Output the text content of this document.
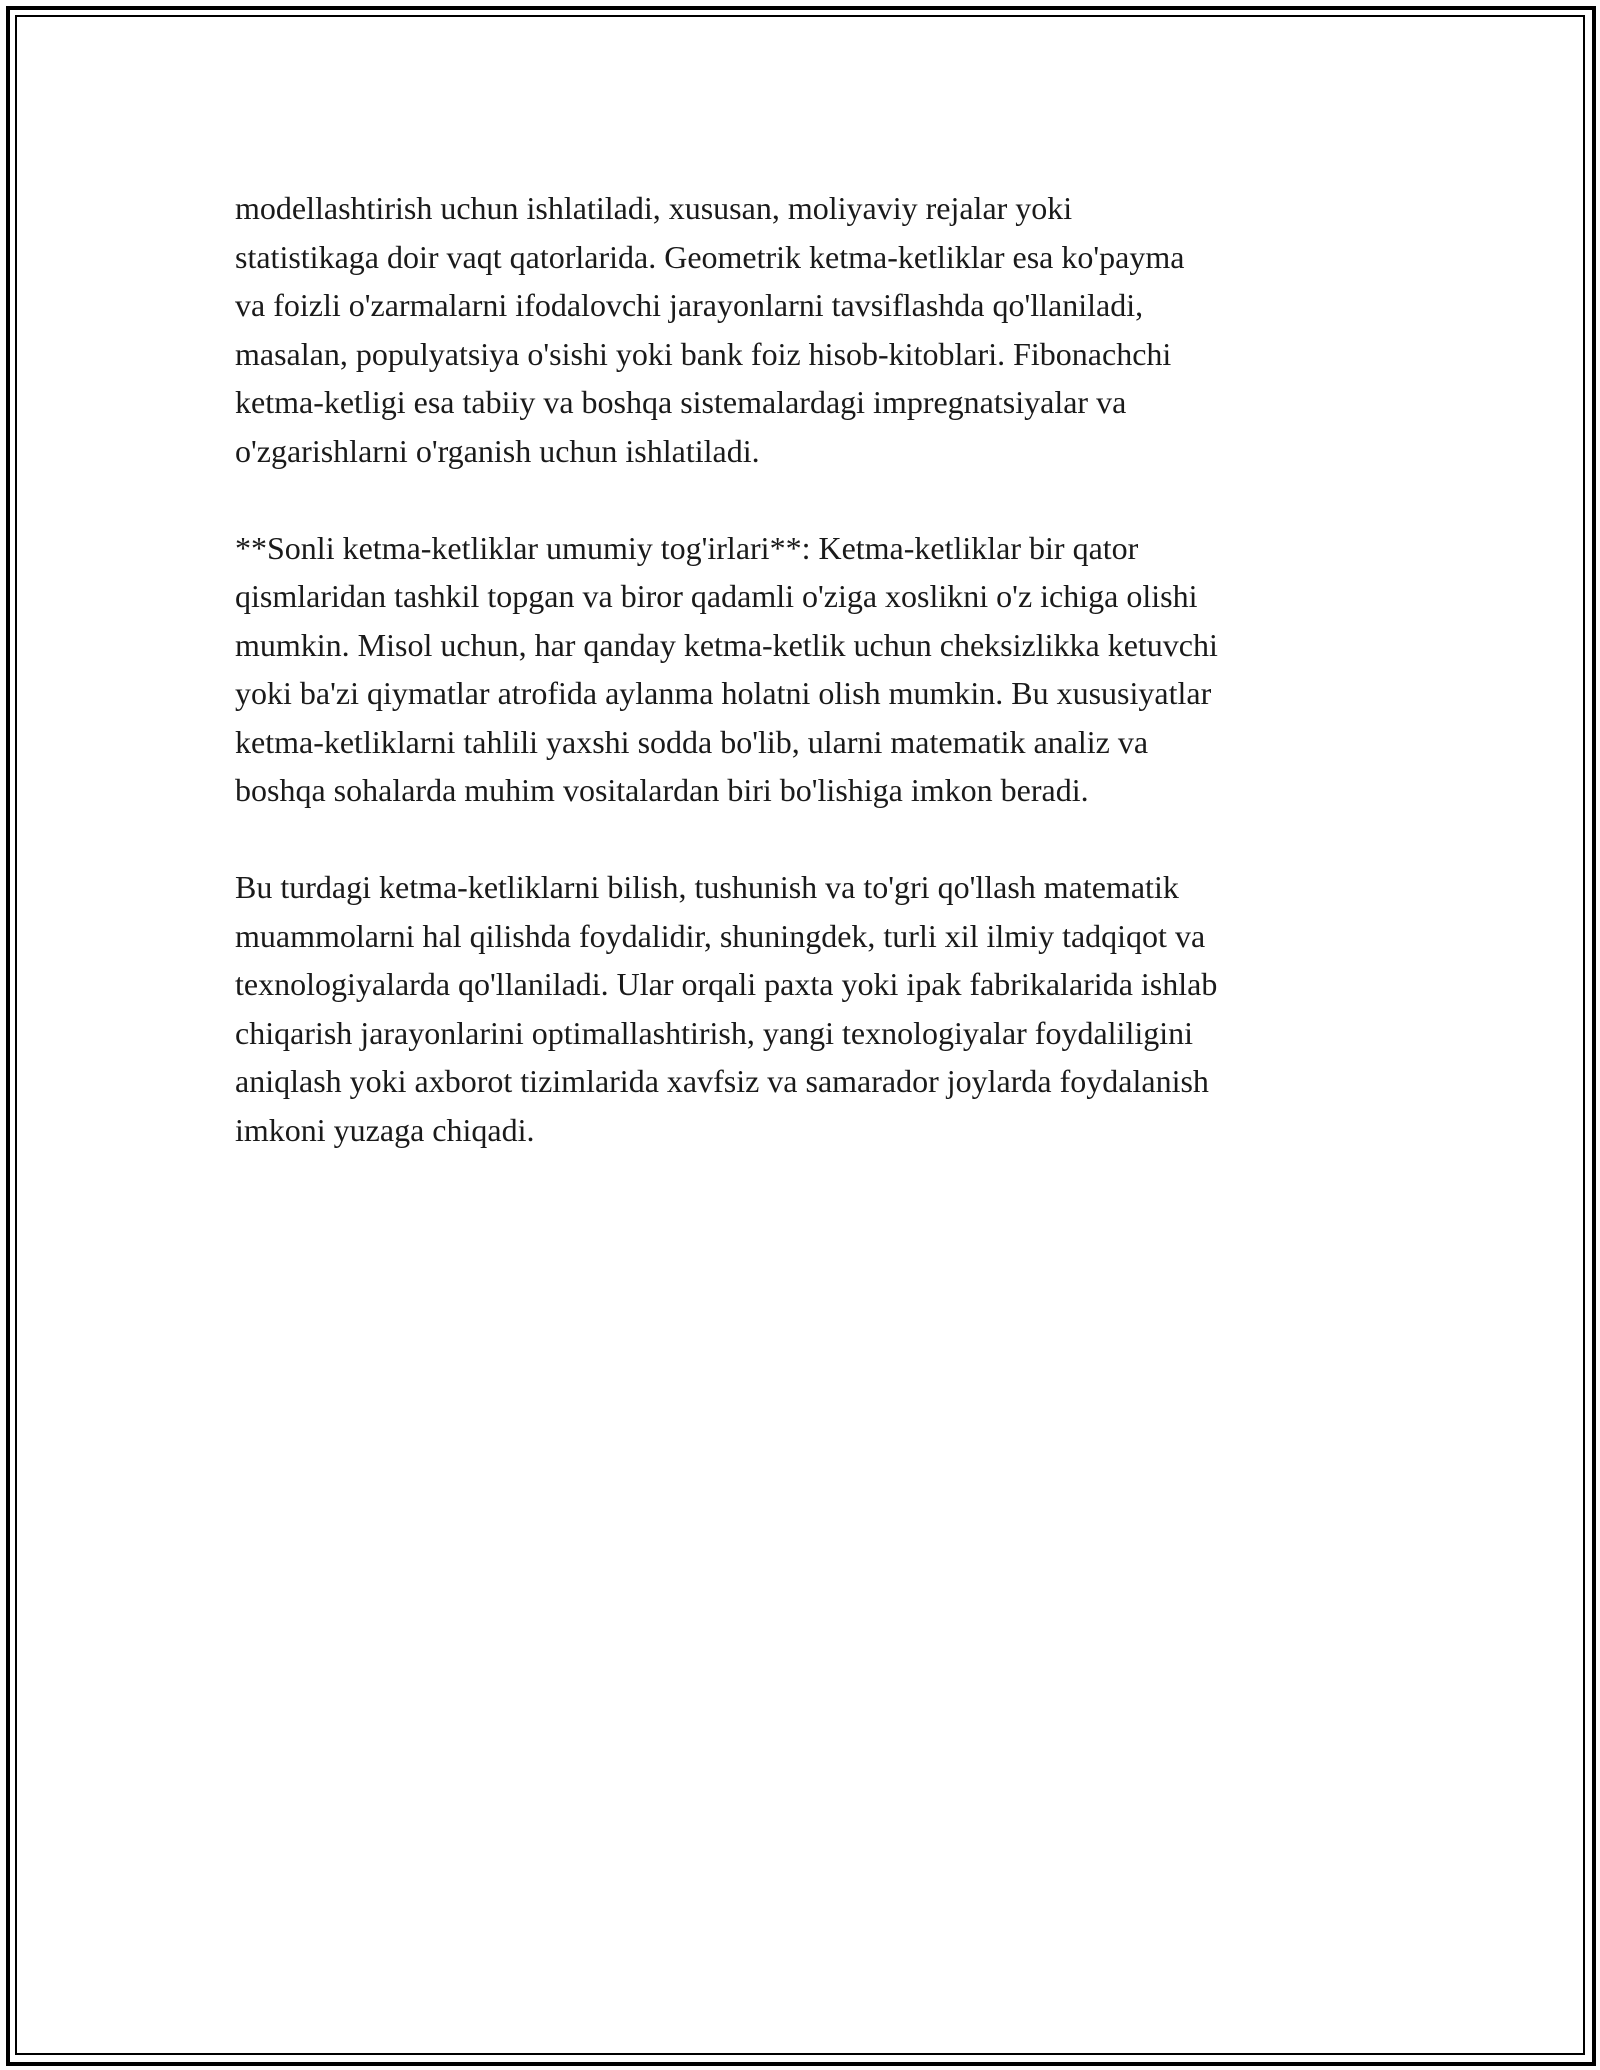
modellashtirish uchun ishlatiladi, xususan, moliyaviy rejalar yoki
statistikaga doir vaqt qatorlarida. Geometrik ketma-ketliklar esa ko'payma
va foizli o'zarmalarni ifodalovchi jarayonlarni tavsiflashda qo'llaniladi,
masalan, populyatsiya o'sishi yoki bank foiz hisob-kitoblari. Fibonachchi
ketma-ketligi esa tabiiy va boshqa sistemalardagi impregnatsiyalar va
o'zgarishlarni o'rganish uchun ishlatiladi.

**Sonli ketma-ketliklar umumiy tog'irlari**: Ketma-ketliklar bir qator
qismlaridan tashkil topgan va biror qadamli o'ziga xoslikni o'z ichiga olishi
mumkin. Misol uchun, har qanday ketma-ketlik uchun cheksizlikka ketuvchi
yoki ba'zi qiymatlar atrofida aylanma holatni olish mumkin. Bu xususiyatlar
ketma-ketliklarni tahlili yaxshi sodda bo'lib, ularni matematik analiz va
boshqa sohalarda muhim vositalardan biri bo'lishiga imkon beradi.

Bu turdagi ketma-ketliklarni bilish, tushunish va to'gri qo'llash matematik
muammolarni hal qilishda foydalidir, shuningdek, turli xil ilmiy tadqiqot va
texnologiyalarda qo'llaniladi. Ular orqali paxta yoki ipak fabrikalarida ishlab
chiqarish jarayonlarini optimallashtirish, yangi texnologiyalar foydaliligini
aniqlash yoki axborot tizimlarida xavfsiz va samarador joylarda foydalanish
imkoni yuzaga chiqadi.
